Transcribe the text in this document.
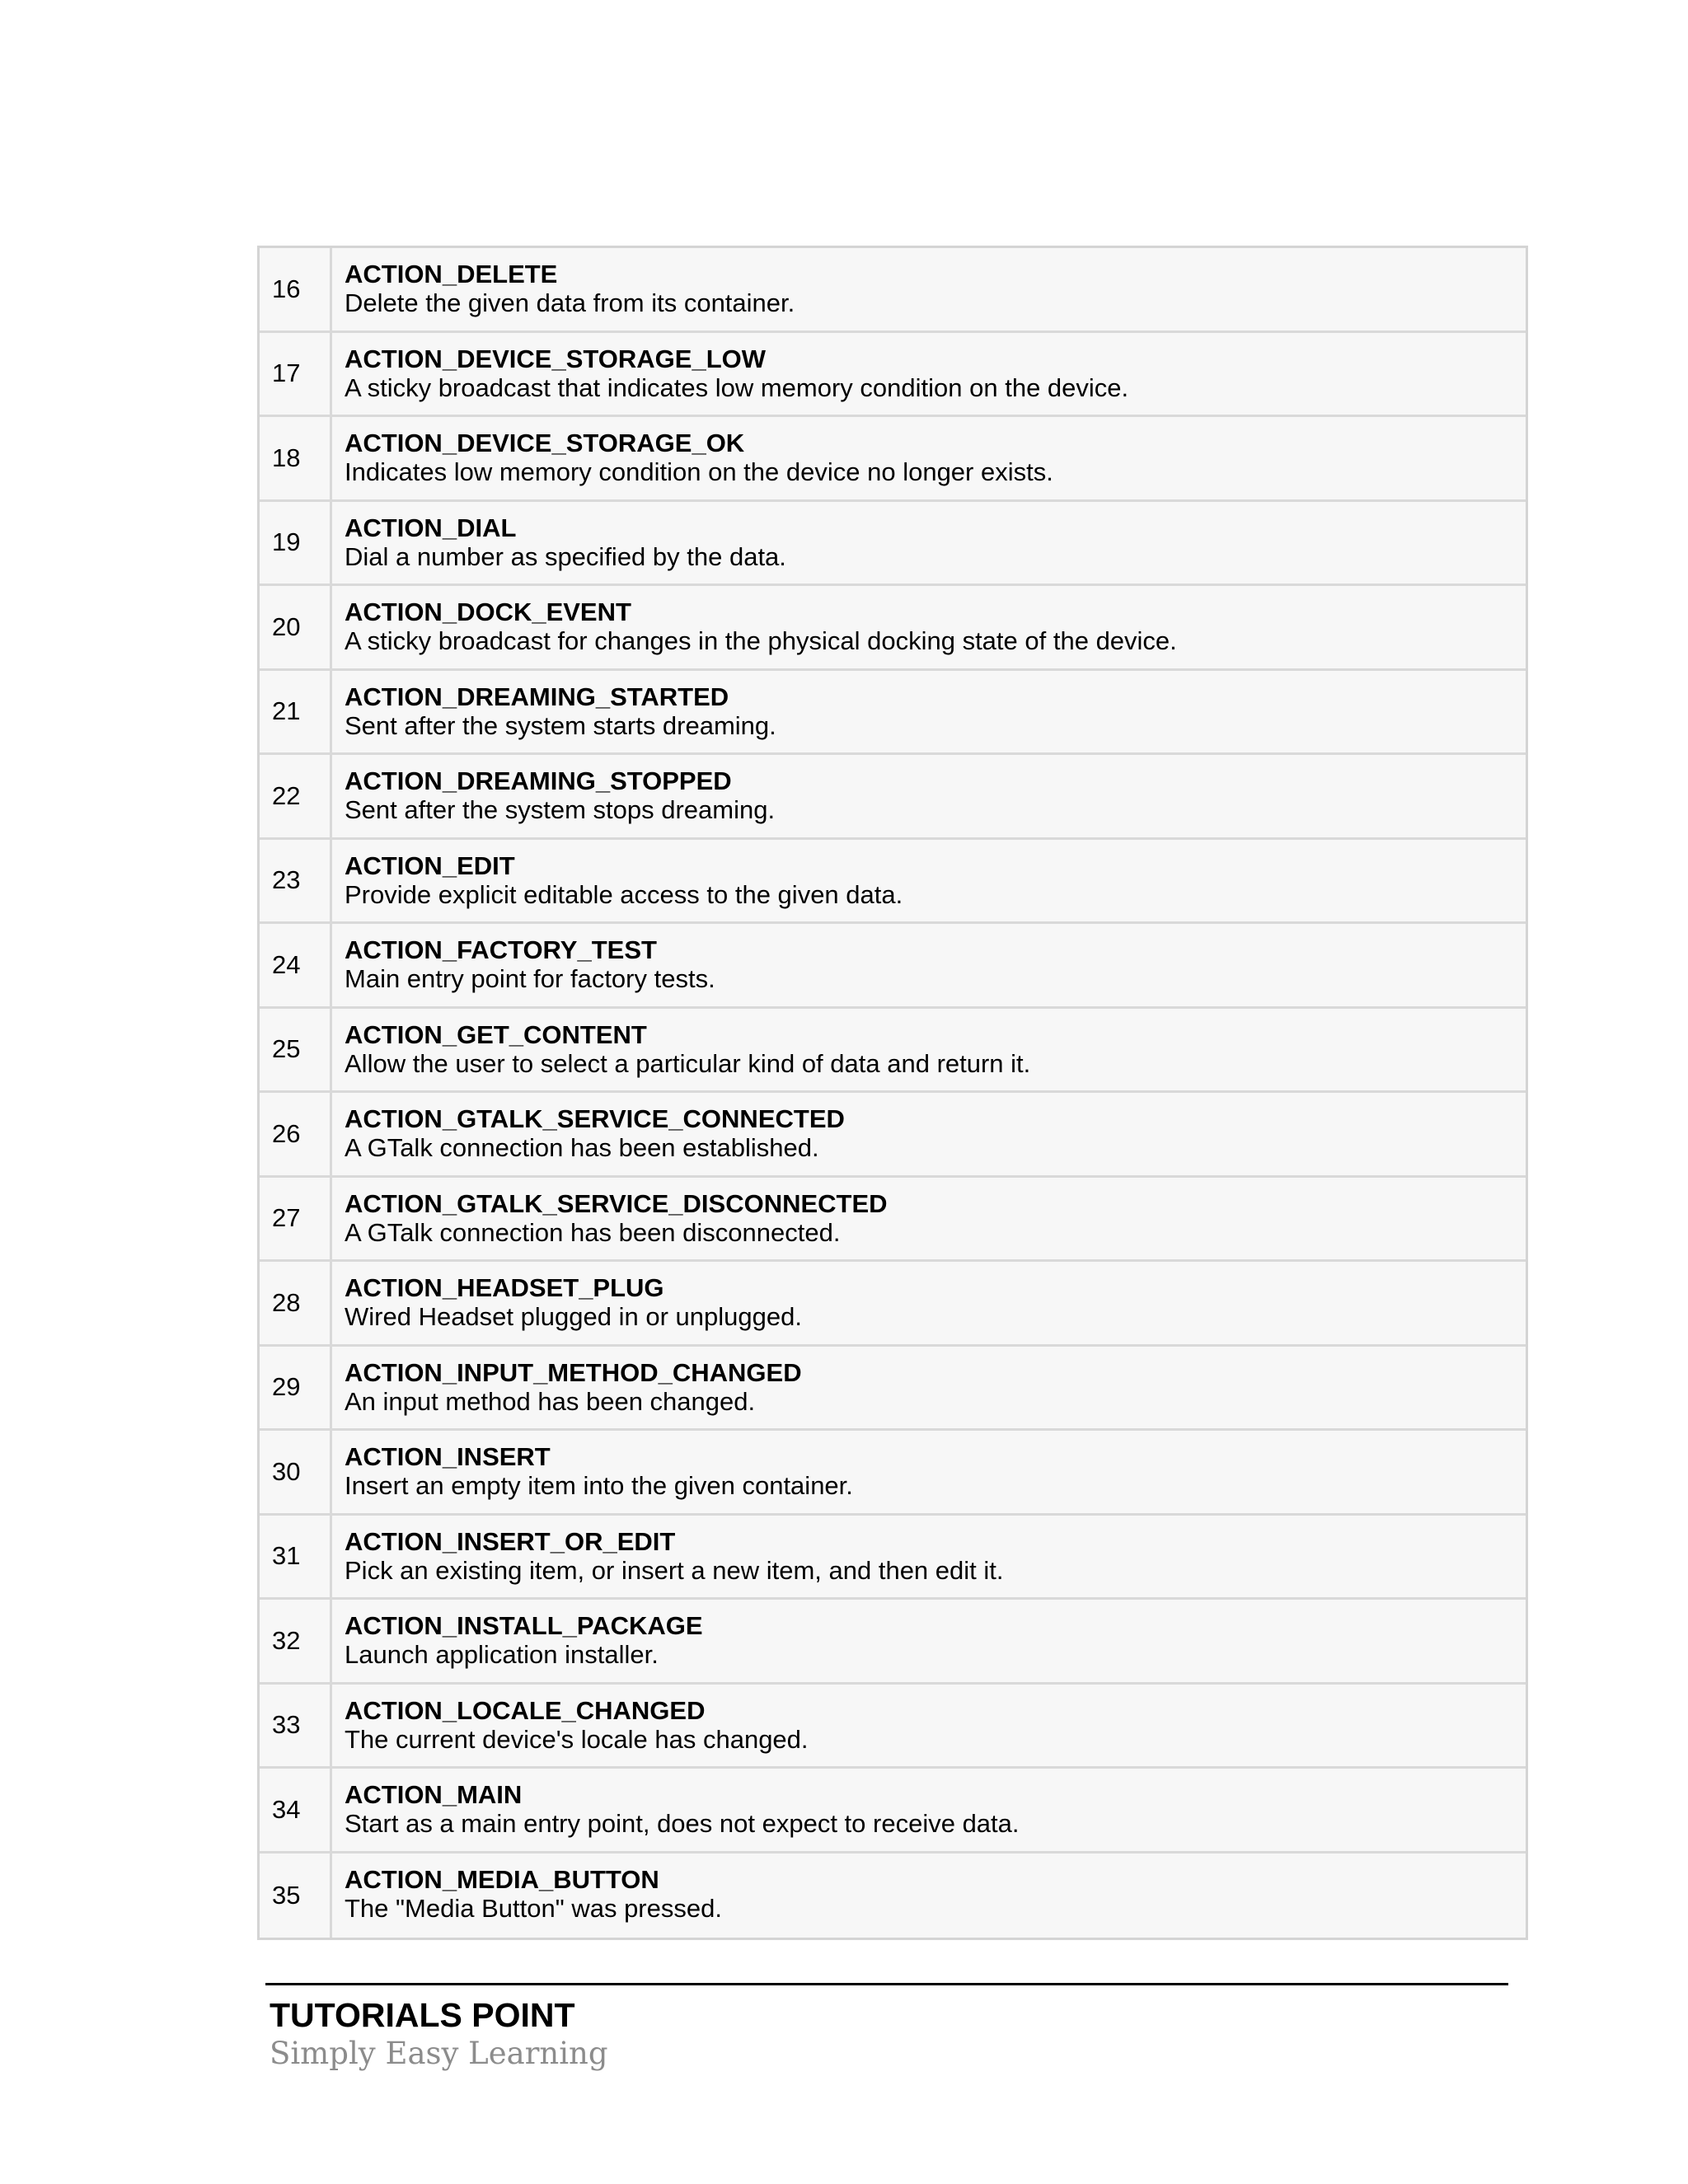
16
ACTION_DELETE
Delete the given data from its container.
17
ACTION_DEVICE_STORAGE_LOW
A sticky broadcast that indicates low memory condition on the device.
18
ACTION_DEVICE_STORAGE_OK
Indicates low memory condition on the device no longer exists.
19
ACTION_DIAL
Dial a number as specified by the data.
20
ACTION_DOCK_EVENT
A sticky broadcast for changes in the physical docking state of the device.
21
ACTION_DREAMING_STARTED
Sent after the system starts dreaming.
22
ACTION_DREAMING_STOPPED
Sent after the system stops dreaming.
23
ACTION_EDIT
Provide explicit editable access to the given data.
24
ACTION_FACTORY_TEST
Main entry point for factory tests.
25
ACTION_GET_CONTENT
Allow the user to select a particular kind of data and return it.
26
ACTION_GTALK_SERVICE_CONNECTED
A GTalk connection has been established.
27
ACTION_GTALK_SERVICE_DISCONNECTED
A GTalk connection has been disconnected.
28
ACTION_HEADSET_PLUG
Wired Headset plugged in or unplugged.
29
ACTION_INPUT_METHOD_CHANGED
An input method has been changed.
30
ACTION_INSERT
Insert an empty item into the given container.
31
ACTION_INSERT_OR_EDIT
Pick an existing item, or insert a new item, and then edit it.
32
ACTION_INSTALL_PACKAGE
Launch application installer.
33
ACTION_LOCALE_CHANGED
The current device's locale has changed.
34
ACTION_MAIN
Start as a main entry point, does not expect to receive data.
35
ACTION_MEDIA_BUTTON
The "Media Button" was pressed.
TUTORIALS POINT
Simply Easy Learning
